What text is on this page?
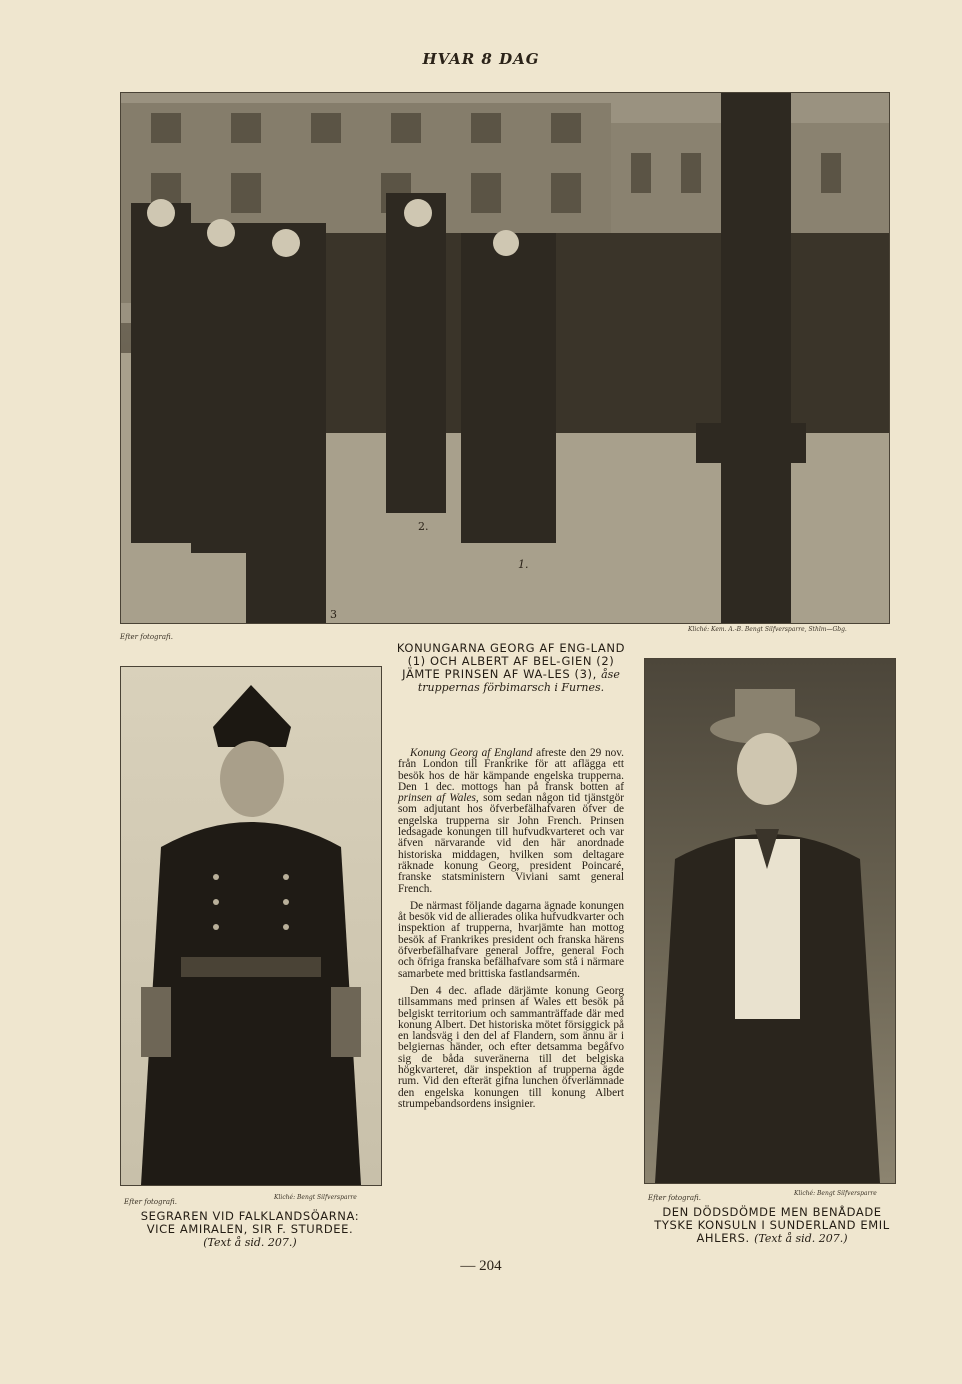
HVAR 8 DAG
2.
1.
3
Efter fotografi.
Kliché: Kem. A.-B. Bengt Silfversparre, Sthlm—Gbg.
KONUNGARNA GEORG AF ENG-LAND (1) OCH ALBERT AF BEL-GIEN (2) JÄMTE PRINSEN AF WA-LES (3), åse truppernas förbimarsch i Furnes.
Efter fotografi.
Kliché: Bengt Silfversparre
SEGRAREN VID FALKLANDSÖARNA:
VICE AMIRALEN, SIR F. STURDEE.
(Text å sid. 207.)
Efter fotografi.
Kliché: Bengt Silfversparre
DEN DÖDSDÖMDE MEN BENÅDADE
TYSKE KONSULN I SUNDERLAND EMIL
AHLERS. (Text å sid. 207.)

Konung Georg af England afreste den 29 nov. från London till Frankrike för att aflägga ett besök hos de här kämpande engelska trupperna. Den 1 dec. mottogs han på fransk botten af prinsen af Wales, som sedan någon tid tjänstgör som adjutant hos öfverbefälhafvaren öfver de engelska trupperna sir John French. Prinsen ledsagade konungen till hufvudkvarteret och var äfven närvarande vid den här anordnade historiska middagen, hvilken som deltagare räknade konung Georg, president Poincaré, franske statsministern Viviani samt general French.

De närmast följande dagarna ägnade konungen åt besök vid de allierades olika hufvudkvarter och inspektion af trupperna, hvarjämte han mottog besök af Frankrikes president och franska härens öfverbefälhafvare general Joffre, general Foch och öfriga franska befälhafvare som stå i närmare samarbete med brittiska fastlandsarmén.

Den 4 dec. aflade därjämte konung Georg tillsammans med prinsen af Wales ett besök på belgiskt territorium och sammanträffade där med konung Albert. Det historiska mötet försiggick på en landsväg i den del af Flandern, som ännu är i belgiernas händer, och efter detsamma begåfvo sig de båda suveränerna till det belgiska högkvarteret, där inspektion af trupperna ägde rum. Vid den efterät gifna lunchen öfverlämnade den engelska konungen till konung Albert strumpebandsordens insignier.

— 204
